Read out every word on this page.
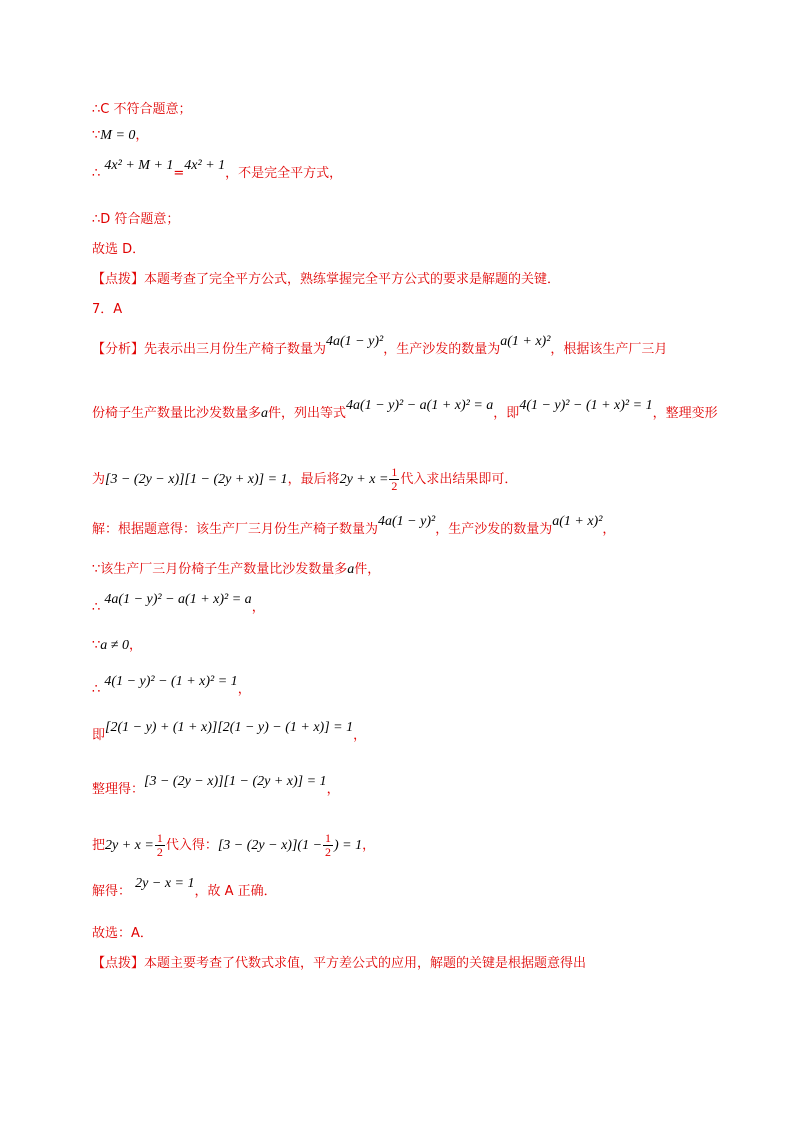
∴C 不符合题意；
∵M = 0，
∴ 4x² + M + 1=4x² + 1，不是完全平方式，
∴D 符合题意；
故选 D．
【点拨】本题考查了完全平方公式，熟练掌握完全平方公式的要求是解题的关键．
7．A
【分析】先表示出三月份生产椅子数量为4a(1 − y)²，生产沙发的数量为a(1 + x)²，根据该生产厂三月
份椅子生产数量比沙发数量多a件，列出等式4a(1 − y)² − a(1 + x)² = a，即4(1 − y)² − (1 + x)² = 1，整理变形
为[3 − (2y − x)][1 − (2y + x)] = 1，最后将$2y + x = \frac{1}{2}$ 代入求出结果即可．
解：根据题意得：该生产厂三月份生产椅子数量为4a(1 − y)²，生产沙发的数量为a(1 + x)²，
∵该生产厂三月份椅子生产数量比沙发数量多a件，
∴ 4a(1 − y)² − a(1 + x)² = a，
∵a ≠ 0，
∴ 4(1 − y)² − (1 + x)² = 1，
即[2(1 − y) + (1 + x)][2(1 − y) − (1 + x)] = 1，
整理得：[3 − (2y − x)][1 − (2y + x)] = 1，
把$2y + x = \frac{1}{2}$ 代入得：$[3 - (2y - x)](1 - \frac{1}{2}$ ) = 1，
解得： 2y − x = 1，故 A 正确．
故选：A．
【点拨】本题主要考查了代数式求值，平方差公式的应用，解题的关键是根据题意得出
